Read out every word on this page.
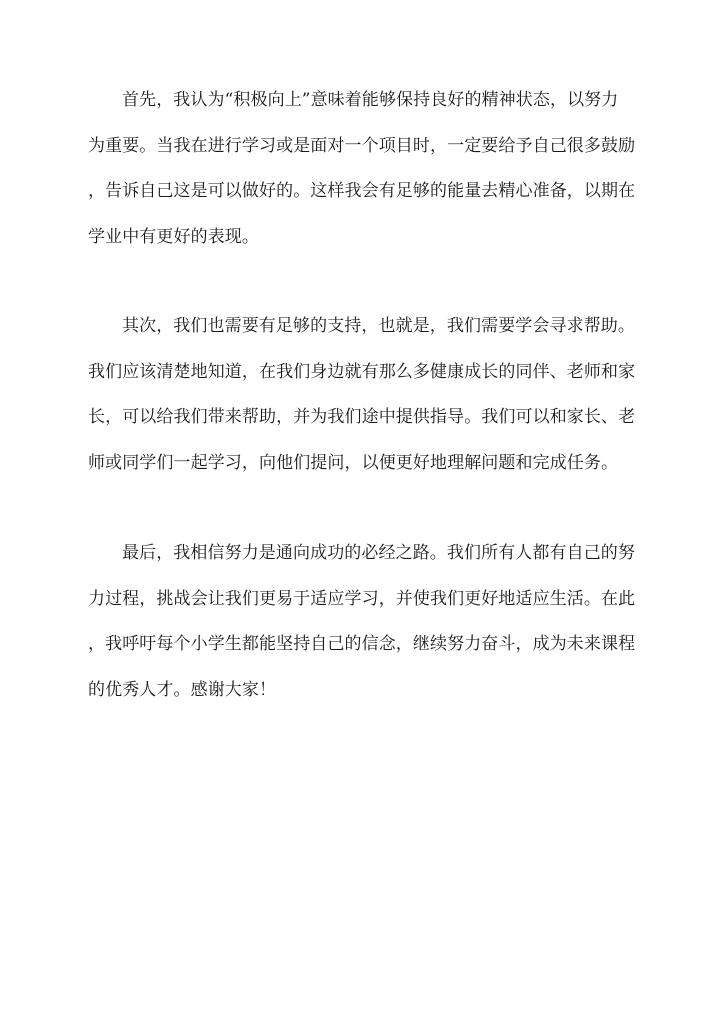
首先，我认为“积极向上”意味着能够保持良好的精神状态，以努力
为重要。当我在进行学习或是面对一个项目时，一定要给予自己很多鼓励
，告诉自己这是可以做好的。这样我会有足够的能量去精心准备，以期在
学业中有更好的表现。
其次，我们也需要有足够的支持，也就是，我们需要学会寻求帮助。
我们应该清楚地知道，在我们身边就有那么多健康成长的同伴、老师和家
长，可以给我们带来帮助，并为我们途中提供指导。我们可以和家长、老
师或同学们一起学习，向他们提问，以便更好地理解问题和完成任务。
最后，我相信努力是通向成功的必经之路。我们所有人都有自己的努
力过程，挑战会让我们更易于适应学习，并使我们更好地适应生活。在此
，我呼吁每个小学生都能坚持自己的信念，继续努力奋斗，成为未来课程
的优秀人才。感谢大家！
